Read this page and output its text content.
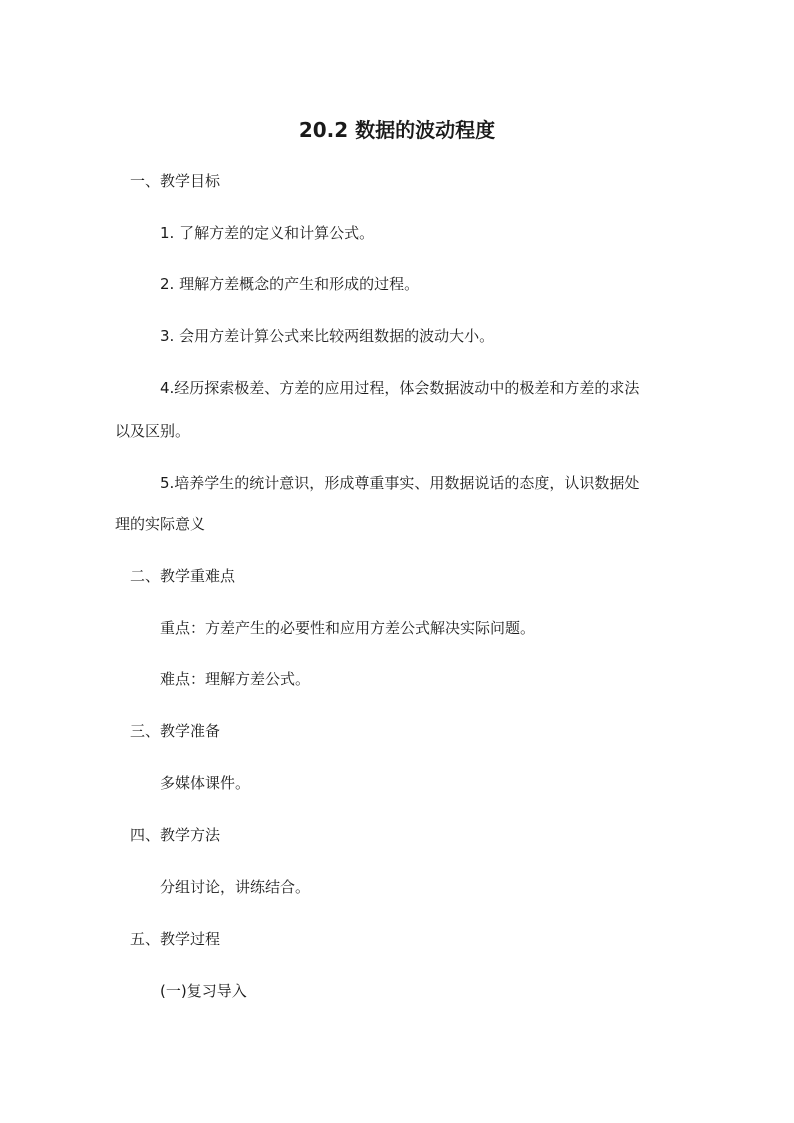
20.2 数据的波动程度

一、教学目标

1. 了解方差的定义和计算公式。

2. 理解方差概念的产生和形成的过程。

3. 会用方差计算公式来比较两组数据的波动大小。

4.经历探索极差、方差的应用过程，体会数据波动中的极差和方差的求法

以及区别。

5.培养学生的统计意识，形成尊重事实、用数据说话的态度，认识数据处

理的实际意义

二、教学重难点

重点：方差产生的必要性和应用方差公式解决实际问题。

难点：理解方差公式。

三、教学准备

多媒体课件。

四、教学方法

分组讨论，讲练结合。

五、教学过程

(一)复习导入
